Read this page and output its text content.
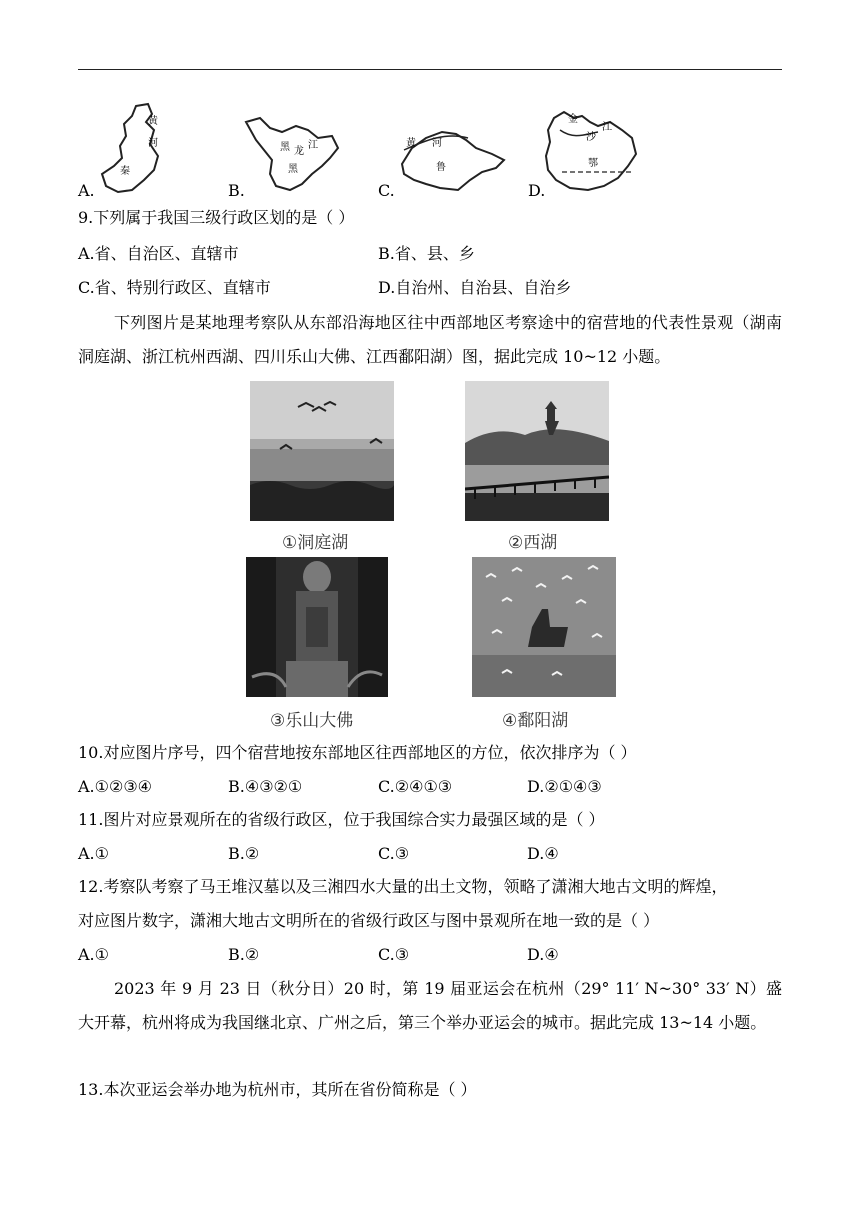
黄
河
秦
A.
黑 龙
江
黑
B.
黄 河
鲁
C.
金
沙
江
鄂
D.
9.下列属于我国三级行政区划的是（ ）
A.省、自治区、直辖市	B.省、县、乡
C.省、特别行政区、直辖市	D.自治州、自治县、自治乡
下列图片是某地理考察队从东部沿海地区往中西部地区考察途中的宿营地的代表性景观（湖南洞庭湖、浙江杭州西湖、四川乐山大佛、江西鄱阳湖）图，据此完成 10~12 小题。
①洞庭湖	②西湖
③乐山大佛	④鄱阳湖
10.对应图片序号，四个宿营地按东部地区往西部地区的方位，依次排序为（ ）
A.①②③④	B.④③②①	C.②④①③	D.②①④③
11.图片对应景观所在的省级行政区，位于我国综合实力最强区域的是（ ）
A.①	B.②	C.③	D.④
12.考察队考察了马王堆汉墓以及三湘四水大量的出土文物，领略了潇湘大地古文明的辉煌，
对应图片数字，潇湘大地古文明所在的省级行政区与图中景观所在地一致的是（ ）
A.①	B.②	C.③	D.④
2023 年 9 月 23 日（秋分日）20 时，第 19 届亚运会在杭州（29° 11′ N~30° 33′ N）盛大开幕，杭州将成为我国继北京、广州之后，第三个举办亚运会的城市。据此完成 13~14 小题。
13.本次亚运会举办地为杭州市，其所在省份简称是（ ）
